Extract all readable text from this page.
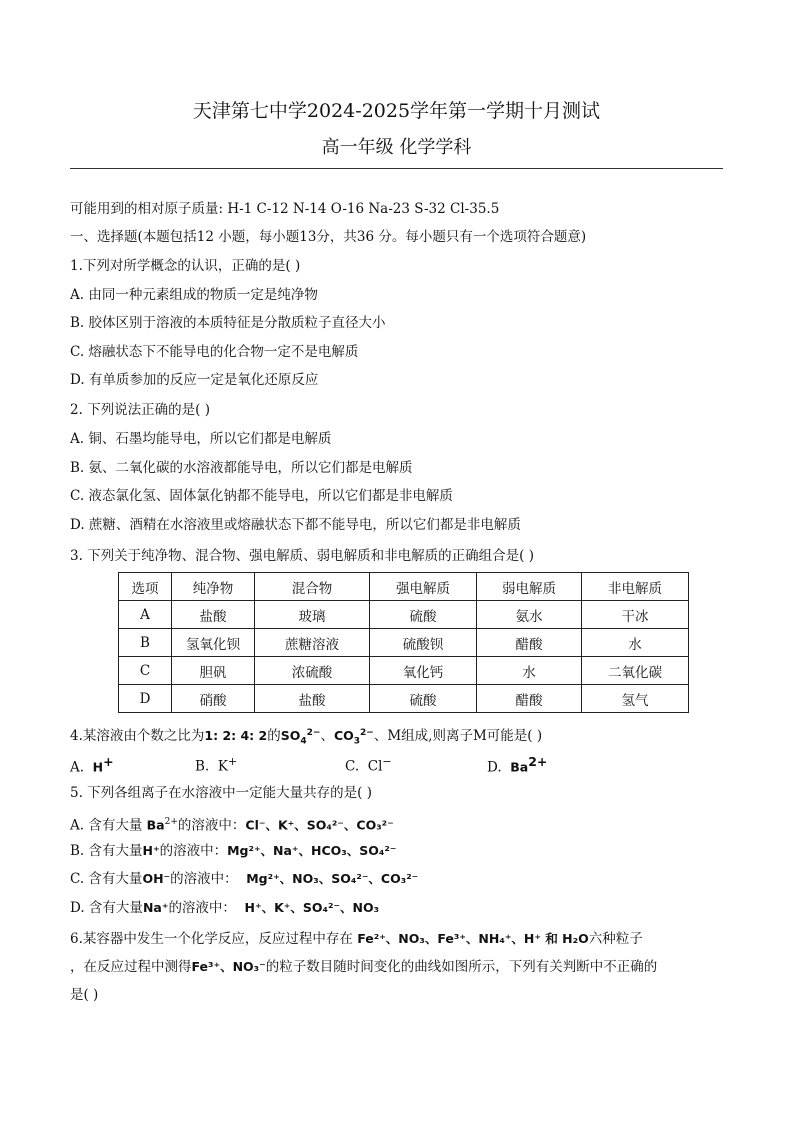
天津第七中学2024-2025学年第一学期十月测试
高一年级 化学学科
可能用到的相对原子质量: H-1 C-12 N-14 O-16 Na-23 S-32 Cl-35.5
一、选择题(本题包括12 小题，每小题13分，共36 分。每小题只有一个选项符合题意)
1.下列对所学概念的认识，正确的是( )
A. 由同一种元素组成的物质一定是纯净物
B. 胶体区别于溶液的本质特征是分散质粒子直径大小
C. 熔融状态下不能导电的化合物一定不是电解质
D. 有单质参加的反应一定是氧化还原反应
2. 下列说法正确的是( )
A. 铜、石墨均能导电，所以它们都是电解质
B. 氨、二氧化碳的水溶液都能导电，所以它们都是电解质
C. 液态氯化氢、固体氯化钠都不能导电，所以它们都是非电解质
D. 蔗糖、酒精在水溶液里或熔融状态下都不能导电，所以它们都是非电解质
3. 下列关于纯净物、混合物、强电解质、弱电解质和非电解质的正确组合是( )
选项	纯净物	混合物	强电解质	弱电解质	非电解质
A	盐酸	玻璃	硫酸	氨水	干冰
B	氢氧化钡	蔗糖溶液	硫酸钡	醋酸	水
C	胆矾	浓硫酸	氧化钙	水	二氧化碳
D	硝酸	盐酸	硫酸	醋酸	氢气
4.某溶液由个数之比为1: 2: 4: 2的$SO_4^{2-}$、$CO_3^{2-}$、M组成,则离子M可能是( )
A. H+	B. K+	C. Cl−	D. $Ba^{2+}$
5. 下列各组离子在水溶液中一定能大量共存的是( )
A. 含有大量 $Ba^{2+}$的溶液中：Cl⁻、K⁺、SO₄²⁻、CO₃²⁻
B. 含有大量H⁺的溶液中：Mg²⁺、Na⁺、HCO₃、SO₄²⁻
C. 含有大量OH⁻的溶液中： Mg²⁺、NO₃、SO₄²⁻、CO₃²⁻
D. 含有大量Na⁺的溶液中： H⁺、K⁺、SO₄²⁻、NO₃
6.某容器中发生一个化学反应，反应过程中存在 Fe²⁺、NO₃、Fe³⁺、NH₄⁺、H⁺ 和 H₂O六种粒子
，在反应过程中测得Fe³⁺、NO₃⁻的粒子数目随时间变化的曲线如图所示，下列有关判断中不正确的
是( )
